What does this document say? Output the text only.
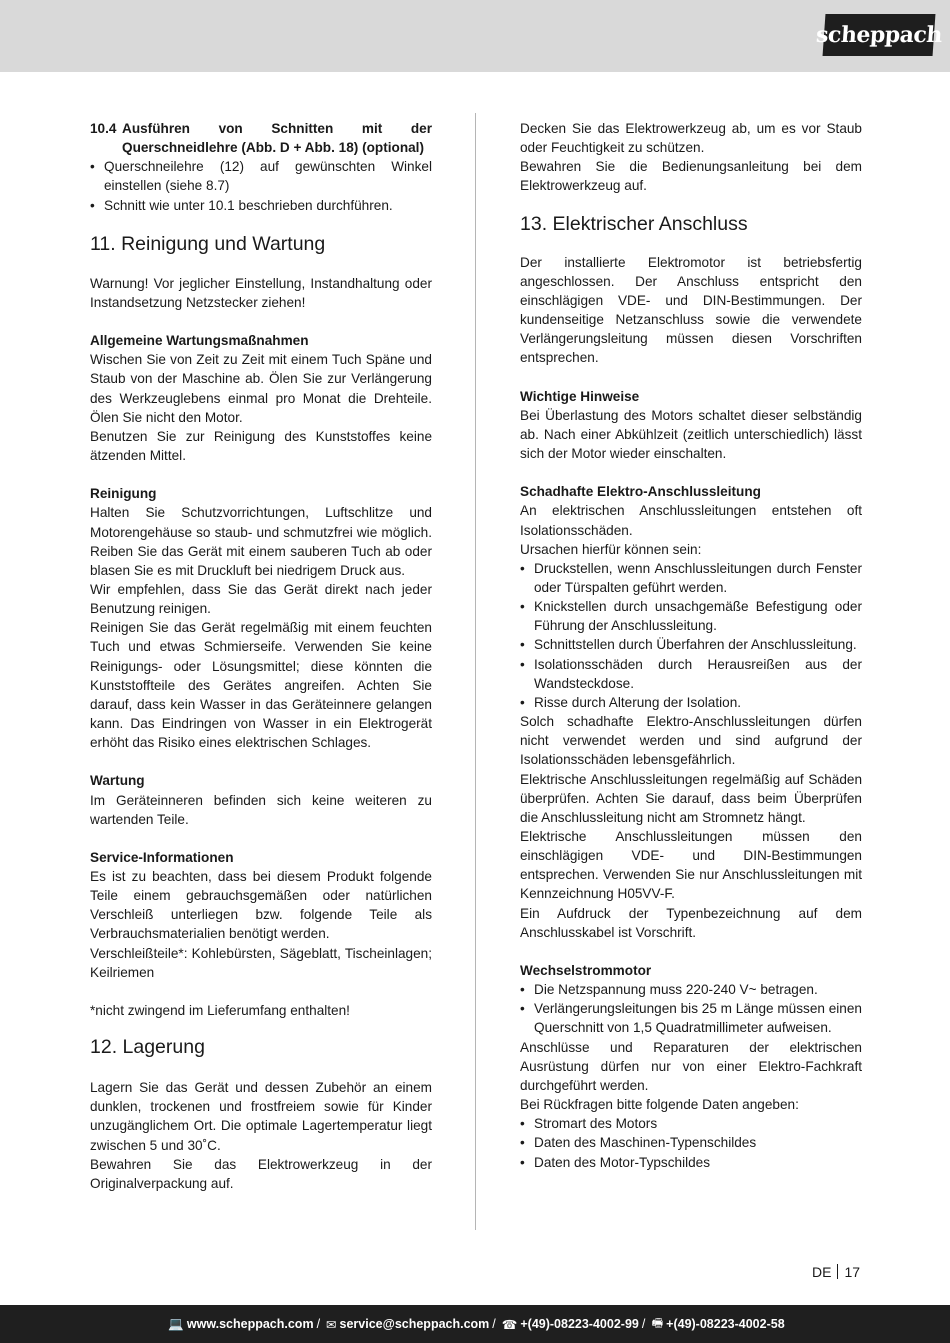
scheppach
10.4 Ausführen von Schnitten mit der Querschneidlehre (Abb. D + Abb. 18) (optional)
• Querschneilehre (12) auf gewünschten Winkel einstellen (siehe 8.7)
• Schnitt wie unter 10.1 beschrieben durchführen.
11. Reinigung und Wartung

Warnung! Vor jeglicher Einstellung, Instandhaltung oder Instandsetzung Netzstecker ziehen!

Allgemeine Wartungsmaßnahmen

Wischen Sie von Zeit zu Zeit mit einem Tuch Späne und Staub von der Maschine ab. Ölen Sie zur Verlängerung des Werkzeuglebens einmal pro Monat die Drehteile. Ölen Sie nicht den Motor.

Benutzen Sie zur Reinigung des Kunststoffes keine ätzenden Mittel.

Reinigung

Halten Sie Schutzvorrichtungen, Luftschlitze und Motorengehäuse so staub- und schmutzfrei wie möglich. Reiben Sie das Gerät mit einem sauberen Tuch ab oder blasen Sie es mit Druckluft bei niedrigem Druck aus.

Wir empfehlen, dass Sie das Gerät direkt nach jeder Benutzung reinigen.

Reinigen Sie das Gerät regelmäßig mit einem feuchten Tuch und etwas Schmierseife. Verwenden Sie keine Reinigungs- oder Lösungsmittel; diese könnten die Kunststoffteile des Gerätes angreifen. Achten Sie darauf, dass kein Wasser in das Geräteinnere gelangen kann. Das Eindringen von Wasser in ein Elektrogerät erhöht das Risiko eines elektrischen Schlages.

Wartung

Im Geräteinneren befinden sich keine weiteren zu wartenden Teile.

Service-Informationen

Es ist zu beachten, dass bei diesem Produkt folgende Teile einem gebrauchsgemäßen oder natürlichen Verschleiß unterliegen bzw. folgende Teile als Verbrauchsmaterialien benötigt werden.

Verschleißteile*: Kohlebürsten, Sägeblatt, Tischeinlagen; Keilriemen

*nicht zwingend im Lieferumfang enthalten!

12. Lagerung

Lagern Sie das Gerät und dessen Zubehör an einem dunklen, trockenen und frostfreiem sowie für Kinder unzugänglichem Ort. Die optimale Lagertemperatur liegt zwischen 5 und 30˚C.

Bewahren Sie das Elektrowerkzeug in der Originalverpackung auf.

Decken Sie das Elektrowerkzeug ab, um es vor Staub oder Feuchtigkeit zu schützen.

Bewahren Sie die Bedienungsanleitung bei dem Elektrowerkzeug auf.

13. Elektrischer Anschluss

Der installierte Elektromotor ist betriebsfertig angeschlossen. Der Anschluss entspricht den einschlägigen VDE- und DIN-Bestimmungen. Der kundenseitige Netzanschluss sowie die verwendete Verlängerungsleitung müssen diesen Vorschriften entsprechen.

Wichtige Hinweise

Bei Überlastung des Motors schaltet dieser selbständig ab. Nach einer Abkühlzeit (zeitlich unterschiedlich) lässt sich der Motor wieder einschalten.

Schadhafte Elektro-Anschlussleitung

An elektrischen Anschlussleitungen entstehen oft Isolationsschäden.

Ursachen hierfür können sein:

• Druckstellen, wenn Anschlussleitungen durch Fenster oder Türspalten geführt werden.
• Knickstellen durch unsachgemäße Befestigung oder Führung der Anschlussleitung.
• Schnittstellen durch Überfahren der Anschlussleitung.
• Isolationsschäden durch Herausreißen aus der Wandsteckdose.
• Risse durch Alterung der Isolation.

Solch schadhafte Elektro-Anschlussleitungen dürfen nicht verwendet werden und sind aufgrund der Isolationsschäden lebensgefährlich.

Elektrische Anschlussleitungen regelmäßig auf Schäden überprüfen. Achten Sie darauf, dass beim Überprüfen die Anschlussleitung nicht am Stromnetz hängt.

Elektrische Anschlussleitungen müssen den einschlägigen VDE- und DIN-Bestimmungen entsprechen. Verwenden Sie nur Anschlussleitungen mit Kennzeichnung H05VV-F.

Ein Aufdruck der Typenbezeichnung auf dem Anschlusskabel ist Vorschrift.

Wechselstrommotor
• Die Netzspannung muss 220-240 V~ betragen.
• Verlängerungsleitungen bis 25 m Länge müssen einen Querschnitt von 1,5 Quadratmillimeter aufweisen.

Anschlüsse und Reparaturen der elektrischen Ausrüstung dürfen nur von einer Elektro-Fachkraft durchgeführt werden.

Bei Rückfragen bitte folgende Daten angeben:

• Stromart des Motors
• Daten des Maschinen-Typenschildes
• Daten des Motor-Typschildes
DE 17
💻 www.scheppach.com / ✉ service@scheppach.com / ☎ +(49)-08223-4002-99 / 🖷 +(49)-08223-4002-58
